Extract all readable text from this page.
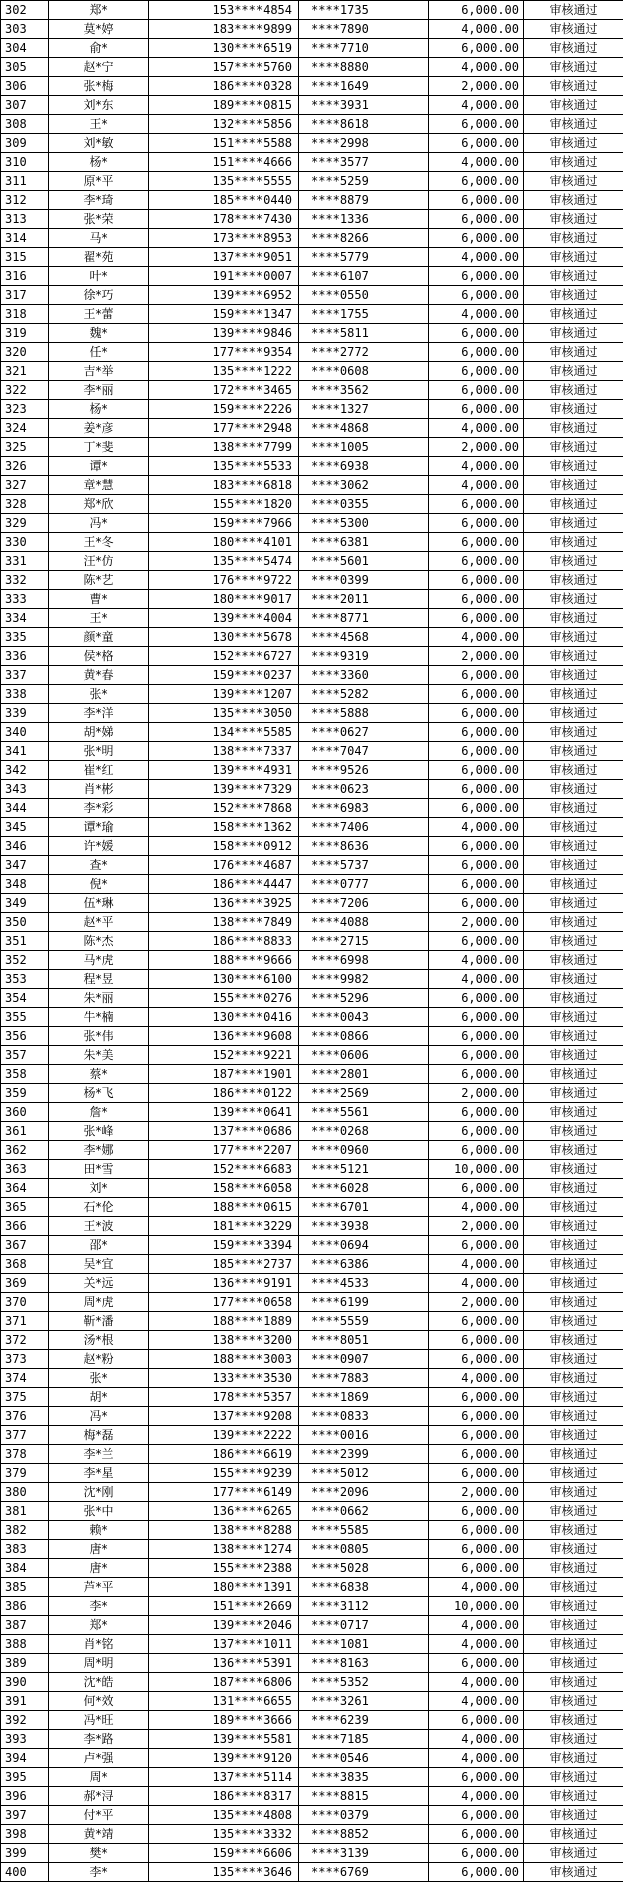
302	郑*	153****4854	****1735	6,000.00	审核通过
303	莫*婷	183****9899	****7890	4,000.00	审核通过
304	俞*	130****6519	****7710	6,000.00	审核通过
305	赵*宁	157****5760	****8880	4,000.00	审核通过
306	张*梅	186****0328	****1649	2,000.00	审核通过
307	刘*东	189****0815	****3931	4,000.00	审核通过
308	王*	132****5856	****8618	6,000.00	审核通过
309	刘*敏	151****5588	****2998	6,000.00	审核通过
310	杨*	151****4666	****3577	4,000.00	审核通过
311	原*平	135****5555	****5259	6,000.00	审核通过
312	李*琦	185****0440	****8879	6,000.00	审核通过
313	张*荣	178****7430	****1336	6,000.00	审核通过
314	马*	173****8953	****8266	6,000.00	审核通过
315	翟*苑	137****9051	****5779	4,000.00	审核通过
316	叶*	191****0007	****6107	6,000.00	审核通过
317	徐*巧	139****6952	****0550	6,000.00	审核通过
318	王*蕾	159****1347	****1755	4,000.00	审核通过
319	魏*	139****9846	****5811	6,000.00	审核通过
320	任*	177****9354	****2772	6,000.00	审核通过
321	吉*举	135****1222	****0608	6,000.00	审核通过
322	李*丽	172****3465	****3562	6,000.00	审核通过
323	杨*	159****2226	****1327	6,000.00	审核通过
324	姜*彦	177****2948	****4868	4,000.00	审核通过
325	丁*斐	138****7799	****1005	2,000.00	审核通过
326	谭*	135****5533	****6938	4,000.00	审核通过
327	章*慧	183****6818	****3062	4,000.00	审核通过
328	郑*欣	155****1820	****0355	6,000.00	审核通过
329	冯*	159****7966	****5300	6,000.00	审核通过
330	王*冬	180****4101	****6381	6,000.00	审核通过
331	汪*仿	135****5474	****5601	6,000.00	审核通过
332	陈*艺	176****9722	****0399	6,000.00	审核通过
333	曹*	180****9017	****2011	6,000.00	审核通过
334	王*	139****4004	****8771	6,000.00	审核通过
335	颜*童	130****5678	****4568	4,000.00	审核通过
336	侯*格	152****6727	****9319	2,000.00	审核通过
337	黄*春	159****0237	****3360	6,000.00	审核通过
338	张*	139****1207	****5282	6,000.00	审核通过
339	李*洋	135****3050	****5888	6,000.00	审核通过
340	胡*娣	134****5585	****0627	6,000.00	审核通过
341	张*明	138****7337	****7047	6,000.00	审核通过
342	崔*红	139****4931	****9526	6,000.00	审核通过
343	肖*彬	139****7329	****0623	6,000.00	审核通过
344	李*彩	152****7868	****6983	6,000.00	审核通过
345	谭*瑜	158****1362	****7406	4,000.00	审核通过
346	许*媛	158****0912	****8636	6,000.00	审核通过
347	查*	176****4687	****5737	6,000.00	审核通过
348	倪*	186****4447	****0777	6,000.00	审核通过
349	伍*琳	136****3925	****7206	6,000.00	审核通过
350	赵*平	138****7849	****4088	2,000.00	审核通过
351	陈*杰	186****8833	****2715	6,000.00	审核通过
352	马*虎	188****9666	****6998	4,000.00	审核通过
353	程*昱	130****6100	****9982	4,000.00	审核通过
354	朱*丽	155****0276	****5296	6,000.00	审核通过
355	牛*楠	130****0416	****0043	6,000.00	审核通过
356	张*伟	136****9608	****0866	6,000.00	审核通过
357	朱*美	152****9221	****0606	6,000.00	审核通过
358	蔡*	187****1901	****2801	6,000.00	审核通过
359	杨*飞	186****0122	****2569	2,000.00	审核通过
360	詹*	139****0641	****5561	6,000.00	审核通过
361	张*峰	137****0686	****0268	6,000.00	审核通过
362	李*娜	177****2207	****0960	6,000.00	审核通过
363	田*雪	152****6683	****5121	10,000.00	审核通过
364	刘*	158****6058	****6028	6,000.00	审核通过
365	石*伦	188****0615	****6701	4,000.00	审核通过
366	王*波	181****3229	****3938	2,000.00	审核通过
367	邵*	159****3394	****0694	6,000.00	审核通过
368	吴*宜	185****2737	****6386	4,000.00	审核通过
369	关*远	136****9191	****4533	4,000.00	审核通过
370	周*虎	177****0658	****6199	2,000.00	审核通过
371	靳*潘	188****1889	****5559	6,000.00	审核通过
372	汤*根	138****3200	****8051	6,000.00	审核通过
373	赵*粉	188****3003	****0907	6,000.00	审核通过
374	张*	133****3530	****7883	4,000.00	审核通过
375	胡*	178****5357	****1869	6,000.00	审核通过
376	冯*	137****9208	****0833	6,000.00	审核通过
377	梅*磊	139****2222	****0016	6,000.00	审核通过
378	李*兰	186****6619	****2399	6,000.00	审核通过
379	李*星	155****9239	****5012	6,000.00	审核通过
380	沈*刚	177****6149	****2096	2,000.00	审核通过
381	张*中	136****6265	****0662	6,000.00	审核通过
382	赖*	138****8288	****5585	6,000.00	审核通过
383	唐*	138****1274	****0805	6,000.00	审核通过
384	唐*	155****2388	****5028	6,000.00	审核通过
385	芦*平	180****1391	****6838	4,000.00	审核通过
386	李*	151****2669	****3112	10,000.00	审核通过
387	郑*	139****2046	****0717	4,000.00	审核通过
388	肖*铭	137****1011	****1081	4,000.00	审核通过
389	周*明	136****5391	****8163	6,000.00	审核通过
390	沈*皓	187****6806	****5352	4,000.00	审核通过
391	何*效	131****6655	****3261	4,000.00	审核通过
392	冯*旺	189****3666	****6239	6,000.00	审核通过
393	李*路	139****5581	****7185	4,000.00	审核通过
394	卢*强	139****9120	****0546	4,000.00	审核通过
395	周*	137****5114	****3835	6,000.00	审核通过
396	郝*浔	186****8317	****8815	4,000.00	审核通过
397	付*平	135****4808	****0379	6,000.00	审核通过
398	黄*靖	135****3332	****8852	6,000.00	审核通过
399	樊*	159****6606	****3139	6,000.00	审核通过
400	李*	135****3646	****6769	6,000.00	审核通过
